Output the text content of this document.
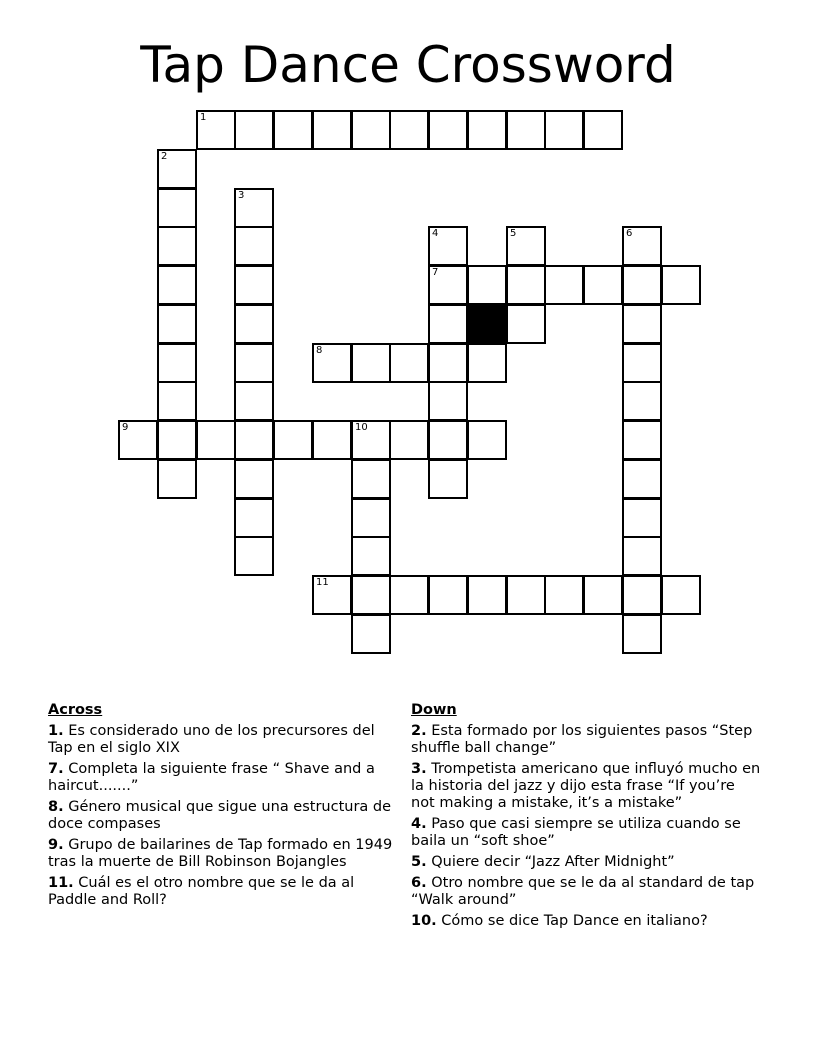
Tap Dance Crossword
1
2
3
4	5	6
7
8
9	10
11
Across
1. Es considerado uno de los precursores del Tap en el siglo XIX
7. Completa la siguiente frase “ Shave and a haircut.......”
8. Género musical que sigue una estructura de doce compases
9. Grupo de bailarines de Tap formado en 1949 tras la muerte de Bill Robinson Bojangles
11. Cuál es el otro nombre que se le da al Paddle and Roll?
Down
2. Esta formado por los siguientes pasos “Step shuffle ball change”
3. Trompetista americano que influyó mucho en la historia del jazz y dijo esta frase “If you’re not making a mistake, it’s a mistake”
4. Paso que casi siempre se utiliza cuando se baila un “soft shoe”
5. Quiere decir “Jazz After Midnight”
6. Otro nombre que se le da al standard de tap “Walk around”
10. Cómo se dice Tap Dance en italiano?
